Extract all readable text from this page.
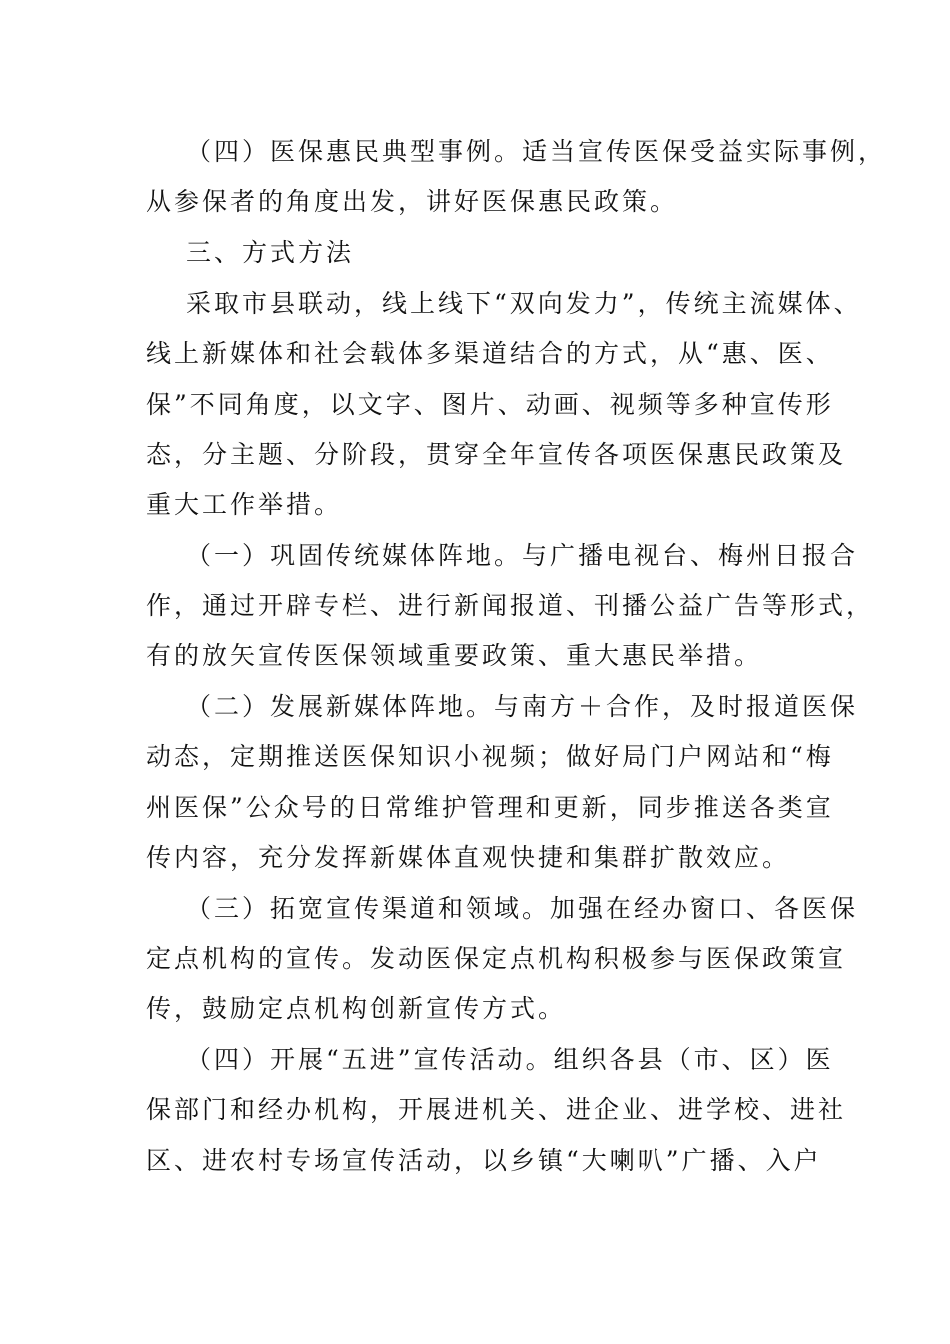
（四）医保惠民典型事例。适当宣传医保受益实际事例，
从参保者的角度出发，讲好医保惠民政策。
三、方式方法
采取市县联动，线上线下“双向发力”，传统主流媒体、
线上新媒体和社会载体多渠道结合的方式，从“惠、医、
保”不同角度，以文字、图片、动画、视频等多种宣传形
态，分主题、分阶段，贯穿全年宣传各项医保惠民政策及
重大工作举措。
（一）巩固传统媒体阵地。与广播电视台、梅州日报合
作，通过开辟专栏、进行新闻报道、刊播公益广告等形式，
有的放矢宣传医保领域重要政策、重大惠民举措。
（二）发展新媒体阵地。与南方＋合作，及时报道医保
动态，定期推送医保知识小视频；做好局门户网站和“梅
州医保”公众号的日常维护管理和更新，同步推送各类宣
传内容，充分发挥新媒体直观快捷和集群扩散效应。
（三）拓宽宣传渠道和领域。加强在经办窗口、各医保
定点机构的宣传。发动医保定点机构积极参与医保政策宣
传，鼓励定点机构创新宣传方式。
（四）开展“五进”宣传活动。组织各县（市、区）医
保部门和经办机构，开展进机关、进企业、进学校、进社
区、进农村专场宣传活动，以乡镇“大喇叭”广播、入户
